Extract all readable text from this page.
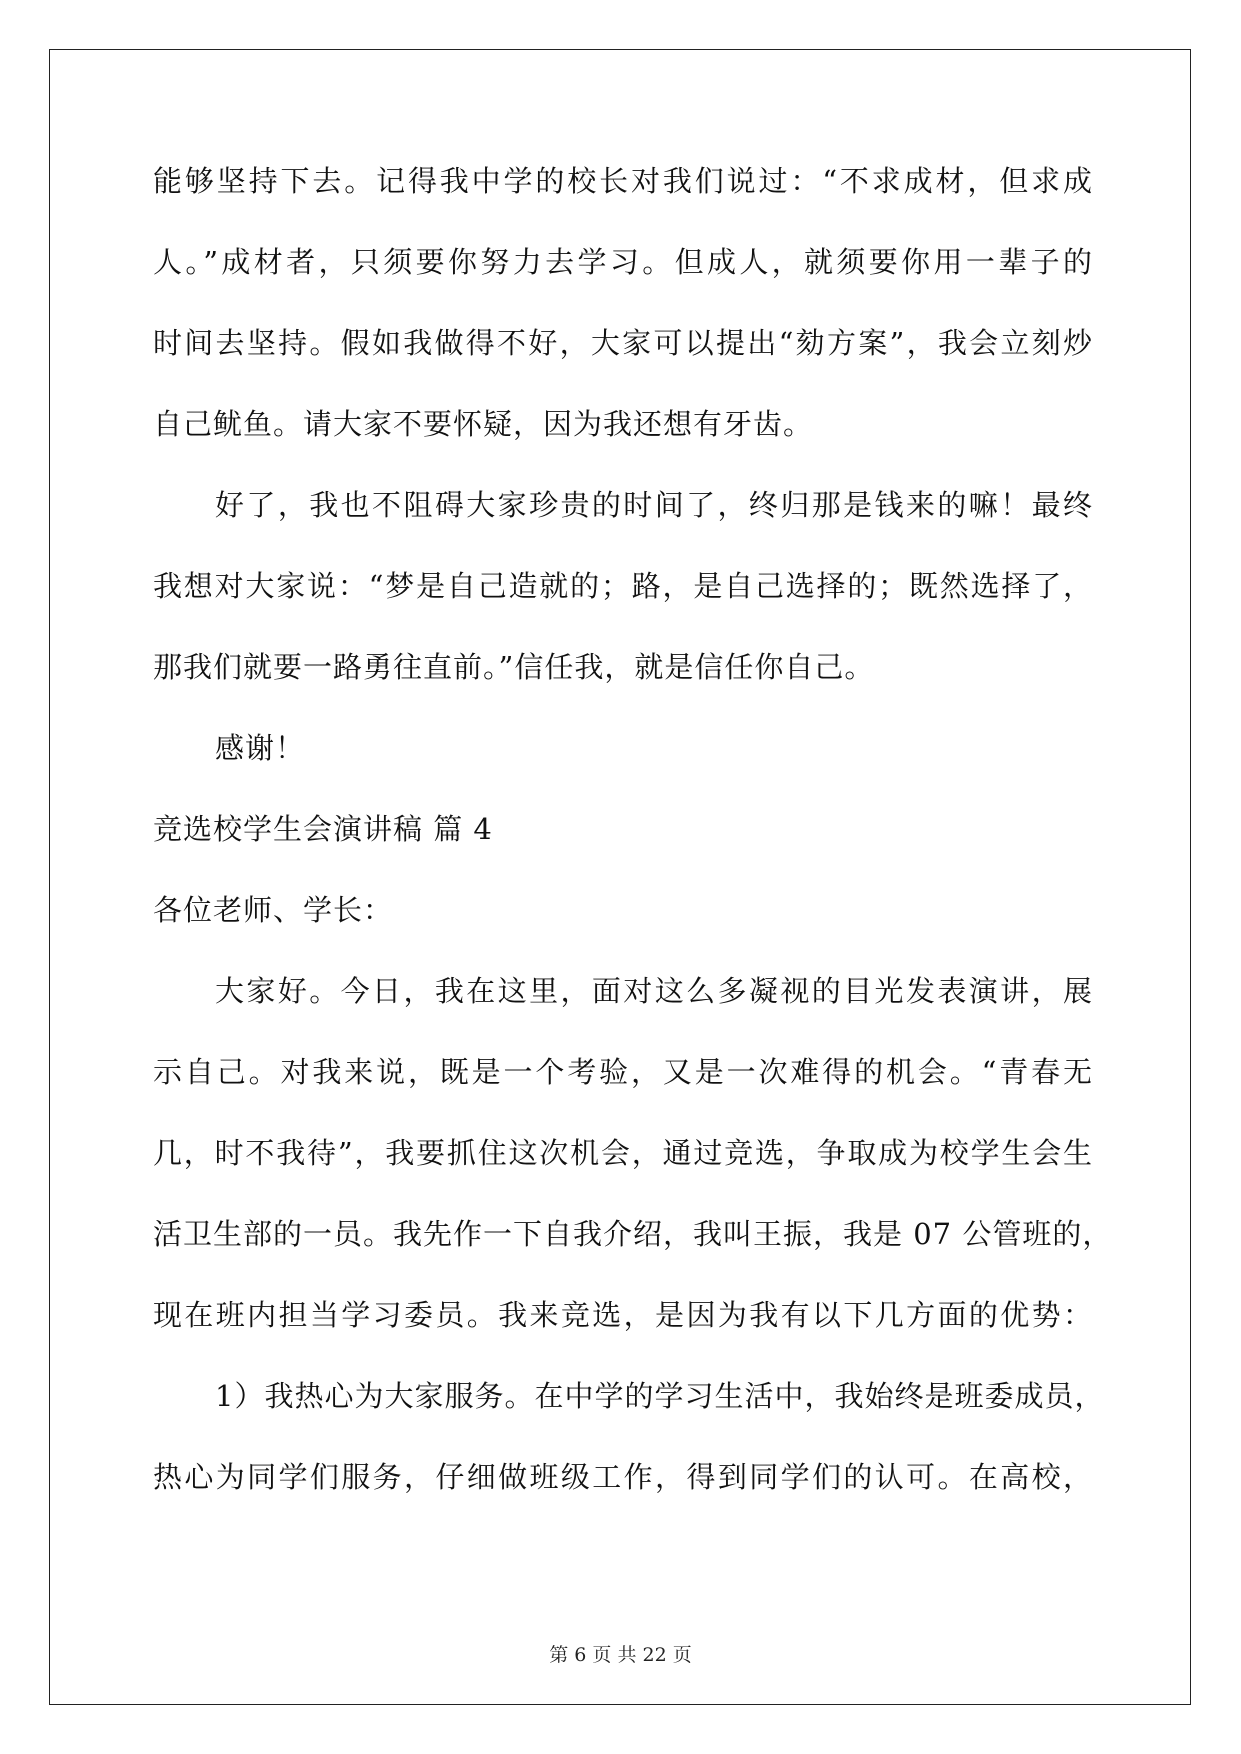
能够坚持下去。记得我中学的校长对我们说过：“不求成材，但求成
人。”成材者，只须要你努力去学习。但成人，就须要你用一辈子的
时间去坚持。假如我做得不好，大家可以提出“劾方案”，我会立刻炒
自己鱿鱼。请大家不要怀疑，因为我还想有牙齿。
好了，我也不阻碍大家珍贵的时间了，终归那是钱来的嘛！最终
我想对大家说：“梦是自己造就的；路，是自己选择的；既然选择了，
那我们就要一路勇往直前。”信任我，就是信任你自己。
感谢！
竞选校学生会演讲稿 篇 4
各位老师、学长：
大家好。今日，我在这里，面对这么多凝视的目光发表演讲，展
示自己。对我来说，既是一个考验，又是一次难得的机会。“青春无
几，时不我待”，我要抓住这次机会，通过竞选，争取成为校学生会生
活卫生部的一员。我先作一下自我介绍，我叫王振，我是 07 公管班的，
现在班内担当学习委员。我来竞选，是因为我有以下几方面的优势：
1）我热心为大家服务。在中学的学习生活中，我始终是班委成员，
热心为同学们服务，仔细做班级工作，得到同学们的认可。在高校，
第 6 页 共 22 页
